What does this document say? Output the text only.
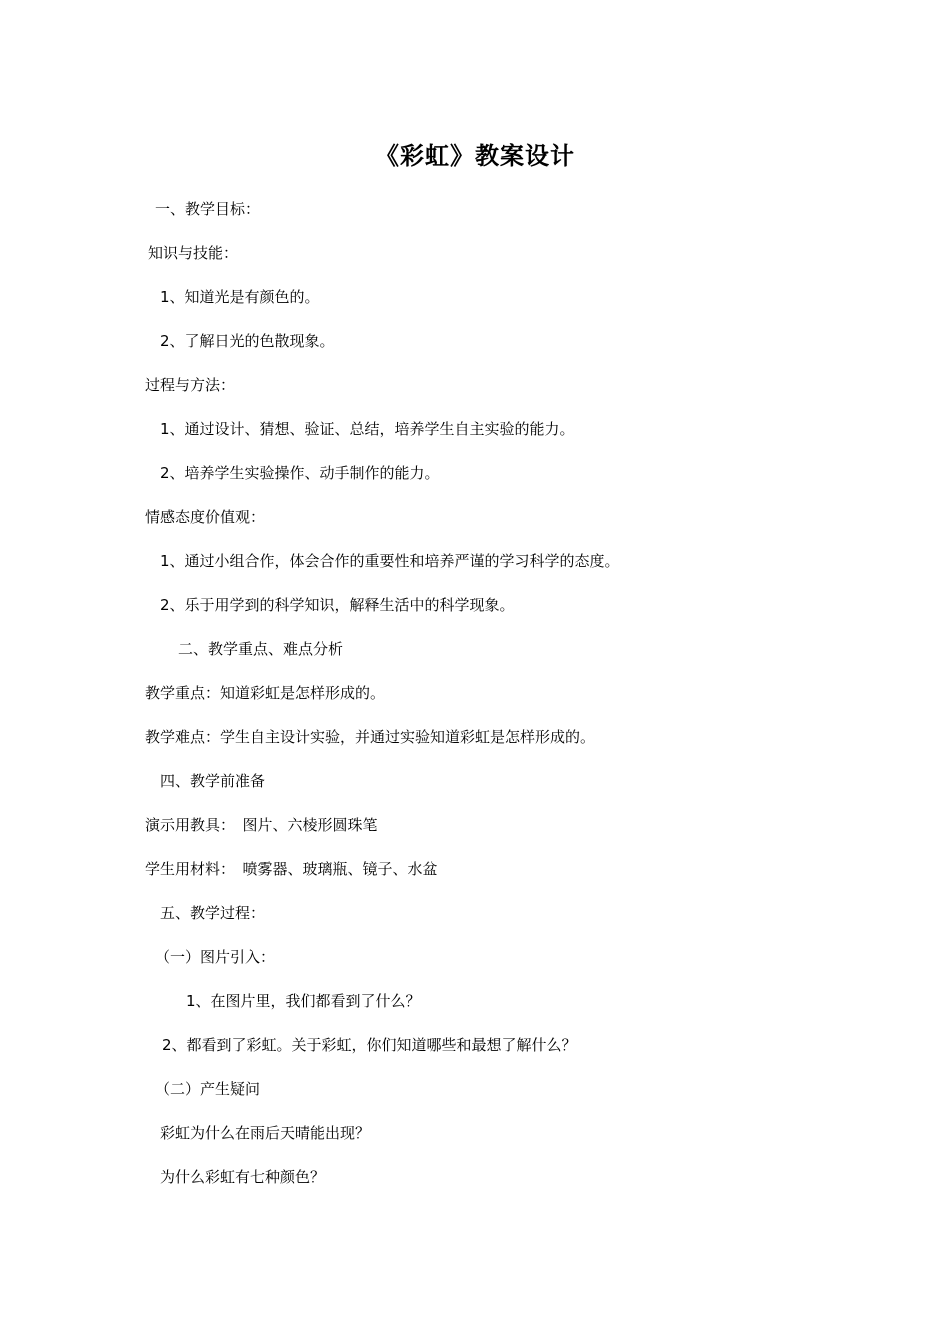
《彩虹》教案设计
一、教学目标：
知识与技能：
1、知道光是有颜色的。
2、了解日光的色散现象。
过程与方法：
1、通过设计、猜想、验证、总结，培养学生自主实验的能力。
2、培养学生实验操作、动手制作的能力。
情感态度价值观：
1、通过小组合作，体会合作的重要性和培养严谨的学习科学的态度。
2、乐于用学到的科学知识，解释生活中的科学现象。
二、教学重点、难点分析
教学重点：知道彩虹是怎样形成的。
教学难点：学生自主设计实验，并通过实验知道彩虹是怎样形成的。
四、教学前准备
演示用教具：　图片、六棱形圆珠笔
学生用材料：　喷雾器、玻璃瓶、镜子、水盆
五、教学过程：
（一）图片引入：
1、在图片里，我们都看到了什么？
2、都看到了彩虹。关于彩虹，你们知道哪些和最想了解什么？
（二）产生疑问
彩虹为什么在雨后天晴能出现？
为什么彩虹有七种颜色？
